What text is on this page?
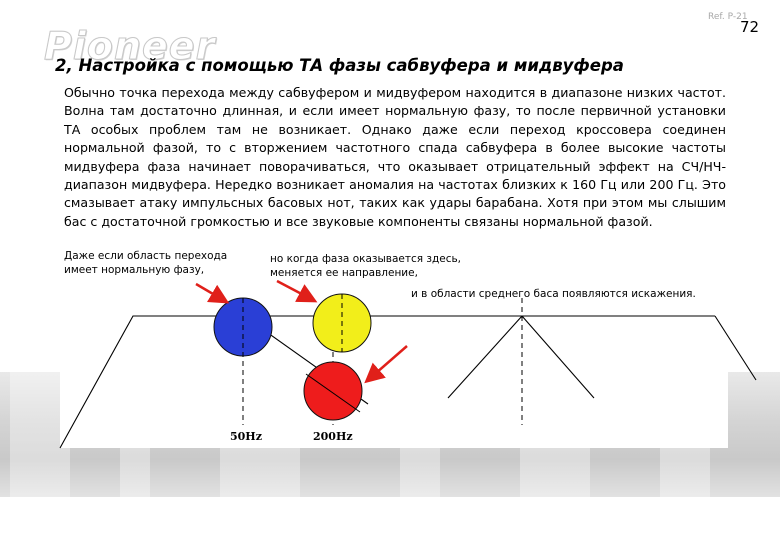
Pioneer
Ref. P-21
72
2, Настройка с помощью ТА фазы сабвуфера и мидвуфера
Обычно точка перехода между сабвуфером и мидвуфером находится в диапазоне низких частот. Волна там достаточно длинная, и если имеет нормальную фазу, то после первичной установки ТА особых проблем там не возникает. Однако даже если переход кроссовера соединен нормальной фазой, то с вторжением частотного спада сабвуфера в более высокие частоты мидвуфера фаза начинает поворачиваться, что оказывает отрицательный эффект на СЧ/НЧ-диапазон мидвуфера. Нередко возникает аномалия на частотах близких к 160 Гц или 200 Гц. Это смазывает атаку импульсных басовых нот, таких как удары барабана. Хотя при этом мы слышим бас с достаточной громкостью и все звуковые компоненты связаны нормальной фазой.
50Hz	200Hz
Даже если область перехода имеет нормальную фазу,
но когда фаза оказывается здесь, меняется ее направление,
и в области среднего баса появляются искажения.
